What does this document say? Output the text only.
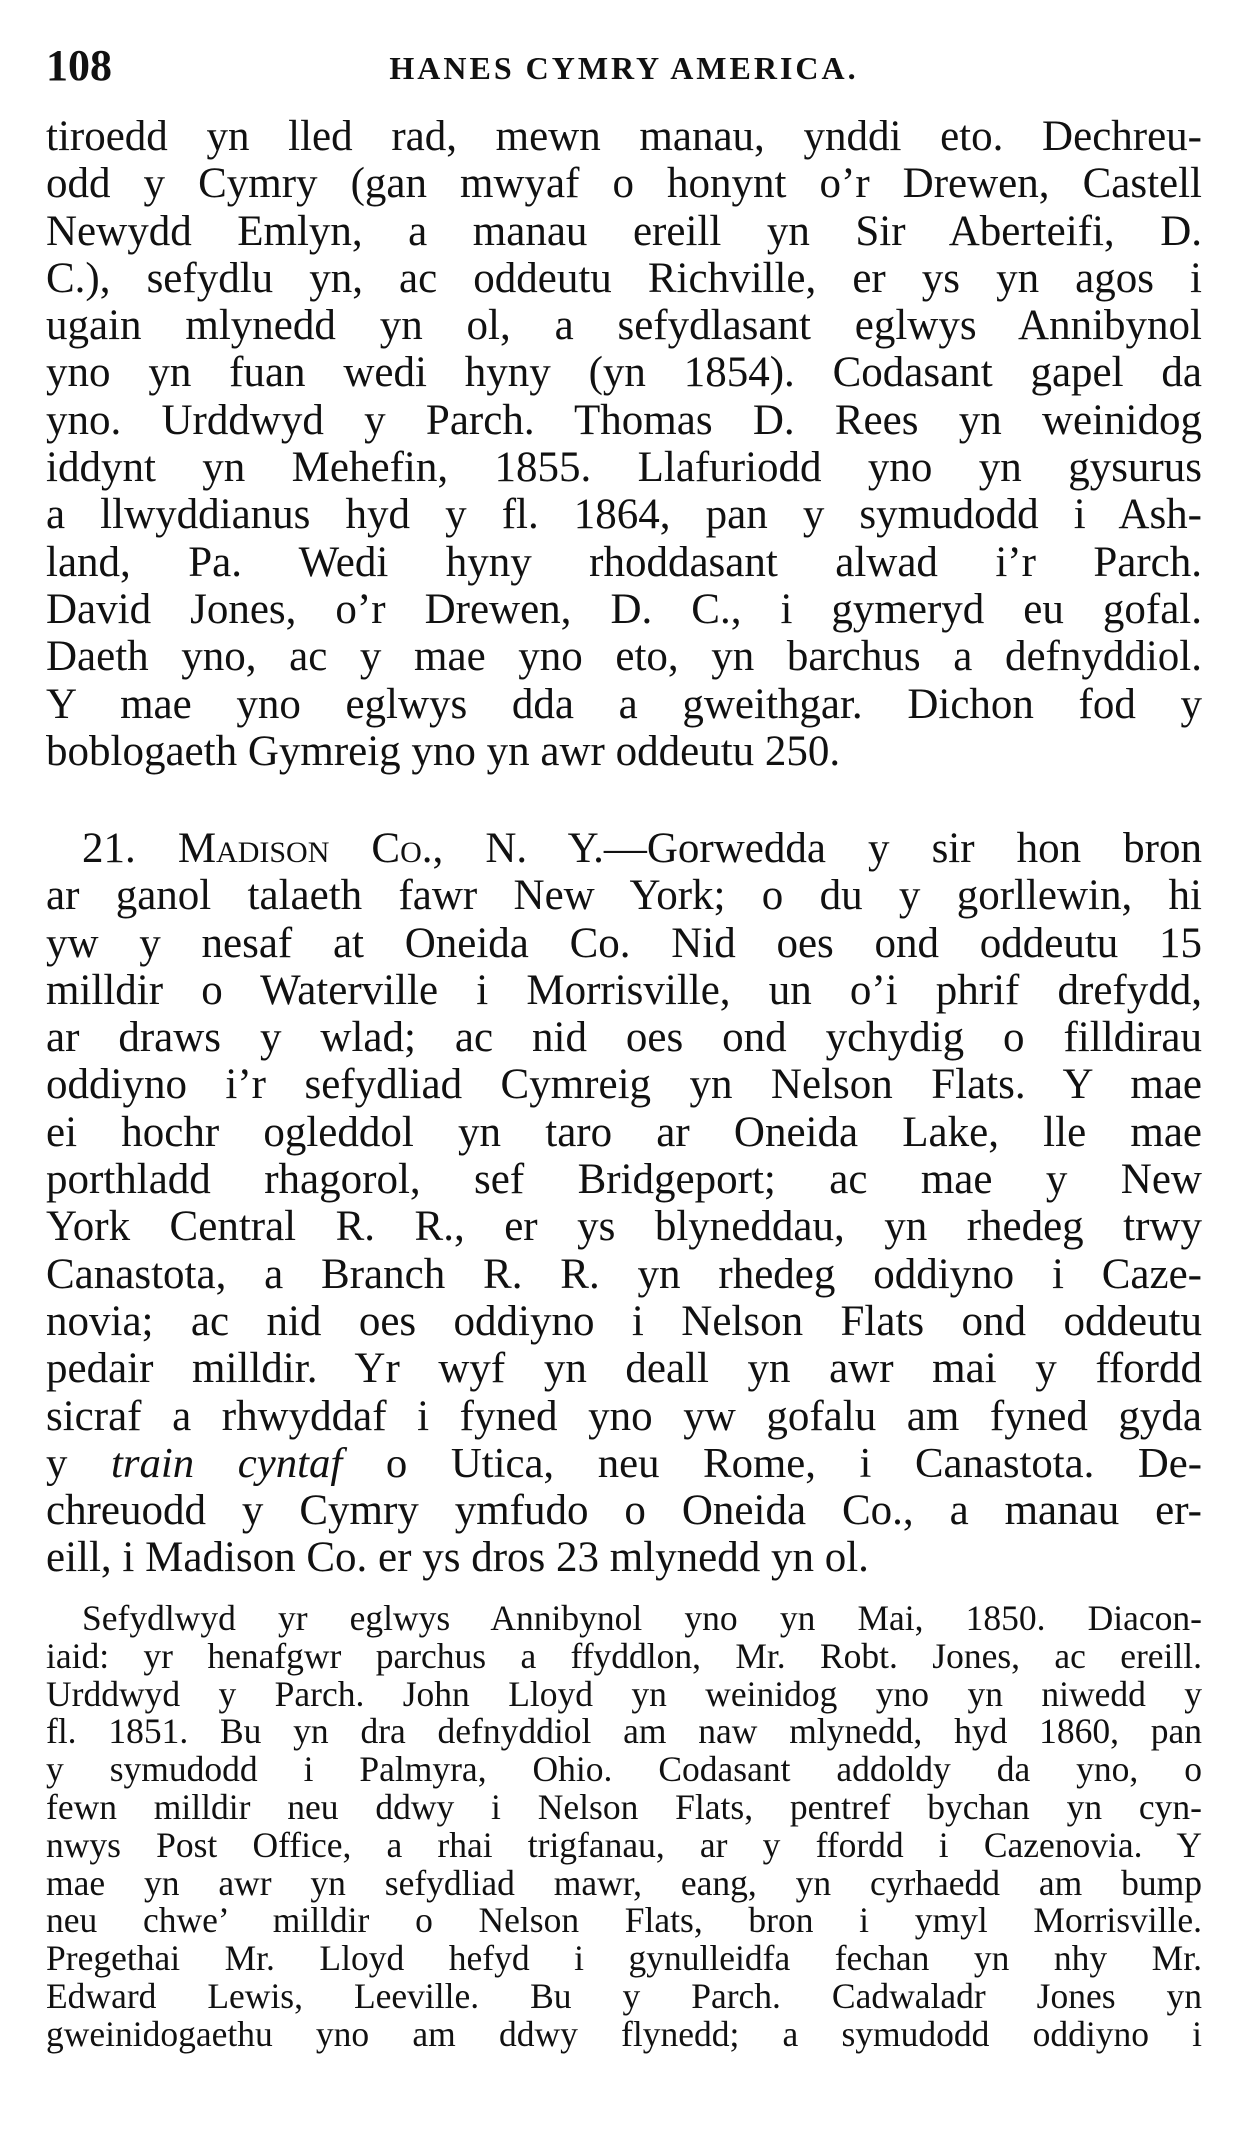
108	HANES CYMRY AMERICA.
tiroedd yn lled rad, mewn manau, ynddi eto. Dechreu-
odd y Cymry (gan mwyaf o honynt o’r Drewen, Castell
Newydd Emlyn, a manau ereill yn Sir Aberteifi, D.
C.), sefydlu yn, ac oddeutu Richville, er ys yn agos i
ugain mlynedd yn ol, a sefydlasant eglwys Annibynol
yno yn fuan wedi hyny (yn 1854). Codasant gapel da
yno. Urddwyd y Parch. Thomas D. Rees yn weinidog
iddynt yn Mehefin, 1855. Llafuriodd yno yn gysurus
a llwyddianus hyd y fl. 1864, pan y symudodd i Ash-
land, Pa. Wedi hyny rhoddasant alwad i’r Parch.
David Jones, o’r Drewen, D. C., i gymeryd eu gofal.
Daeth yno, ac y mae yno eto, yn barchus a defnyddiol.
Y mae yno eglwys dda a gweithgar. Dichon fod y
boblogaeth Gymreig yno yn awr oddeutu 250.
21. Madison Co., N. Y.—Gorwedda y sir hon bron
ar ganol talaeth fawr New York; o du y gorllewin, hi
yw y nesaf at Oneida Co. Nid oes ond oddeutu 15
milldir o Waterville i Morrisville, un o’i phrif drefydd,
ar draws y wlad; ac nid oes ond ychydig o filldirau
oddiyno i’r sefydliad Cymreig yn Nelson Flats. Y mae
ei hochr ogleddol yn taro ar Oneida Lake, lle mae
porthladd rhagorol, sef Bridgeport; ac mae y New
York Central R. R., er ys blyneddau, yn rhedeg trwy
Canastota, a Branch R. R. yn rhedeg oddiyno i Caze-
novia; ac nid oes oddiyno i Nelson Flats ond oddeutu
pedair milldir. Yr wyf yn deall yn awr mai y ffordd
sicraf a rhwyddaf i fyned yno yw gofalu am fyned gyda
y train cyntaf o Utica, neu Rome, i Canastota. De-
chreuodd y Cymry ymfudo o Oneida Co., a manau er-
eill, i Madison Co. er ys dros 23 mlynedd yn ol.
Sefydlwyd yr eglwys Annibynol yno yn Mai, 1850. Diacon-
iaid: yr henafgwr parchus a ffyddlon, Mr. Robt. Jones, ac ereill.
Urddwyd y Parch. John Lloyd yn weinidog yno yn niwedd y
fl. 1851. Bu yn dra defnyddiol am naw mlynedd, hyd 1860, pan
y symudodd i Palmyra, Ohio. Codasant addoldy da yno, o
fewn milldir neu ddwy i Nelson Flats, pentref bychan yn cyn-
nwys Post Office, a rhai trigfanau, ar y ffordd i Cazenovia. Y
mae yn awr yn sefydliad mawr, eang, yn cyrhaedd am bump
neu chwe’ milldir o Nelson Flats, bron i ymyl Morrisville.
Pregethai Mr. Lloyd hefyd i gynulleidfa fechan yn nhy Mr.
Edward Lewis, Leeville. Bu y Parch. Cadwaladr Jones yn
gweinidogaethu yno am ddwy flynedd; a symudodd oddiyno i
